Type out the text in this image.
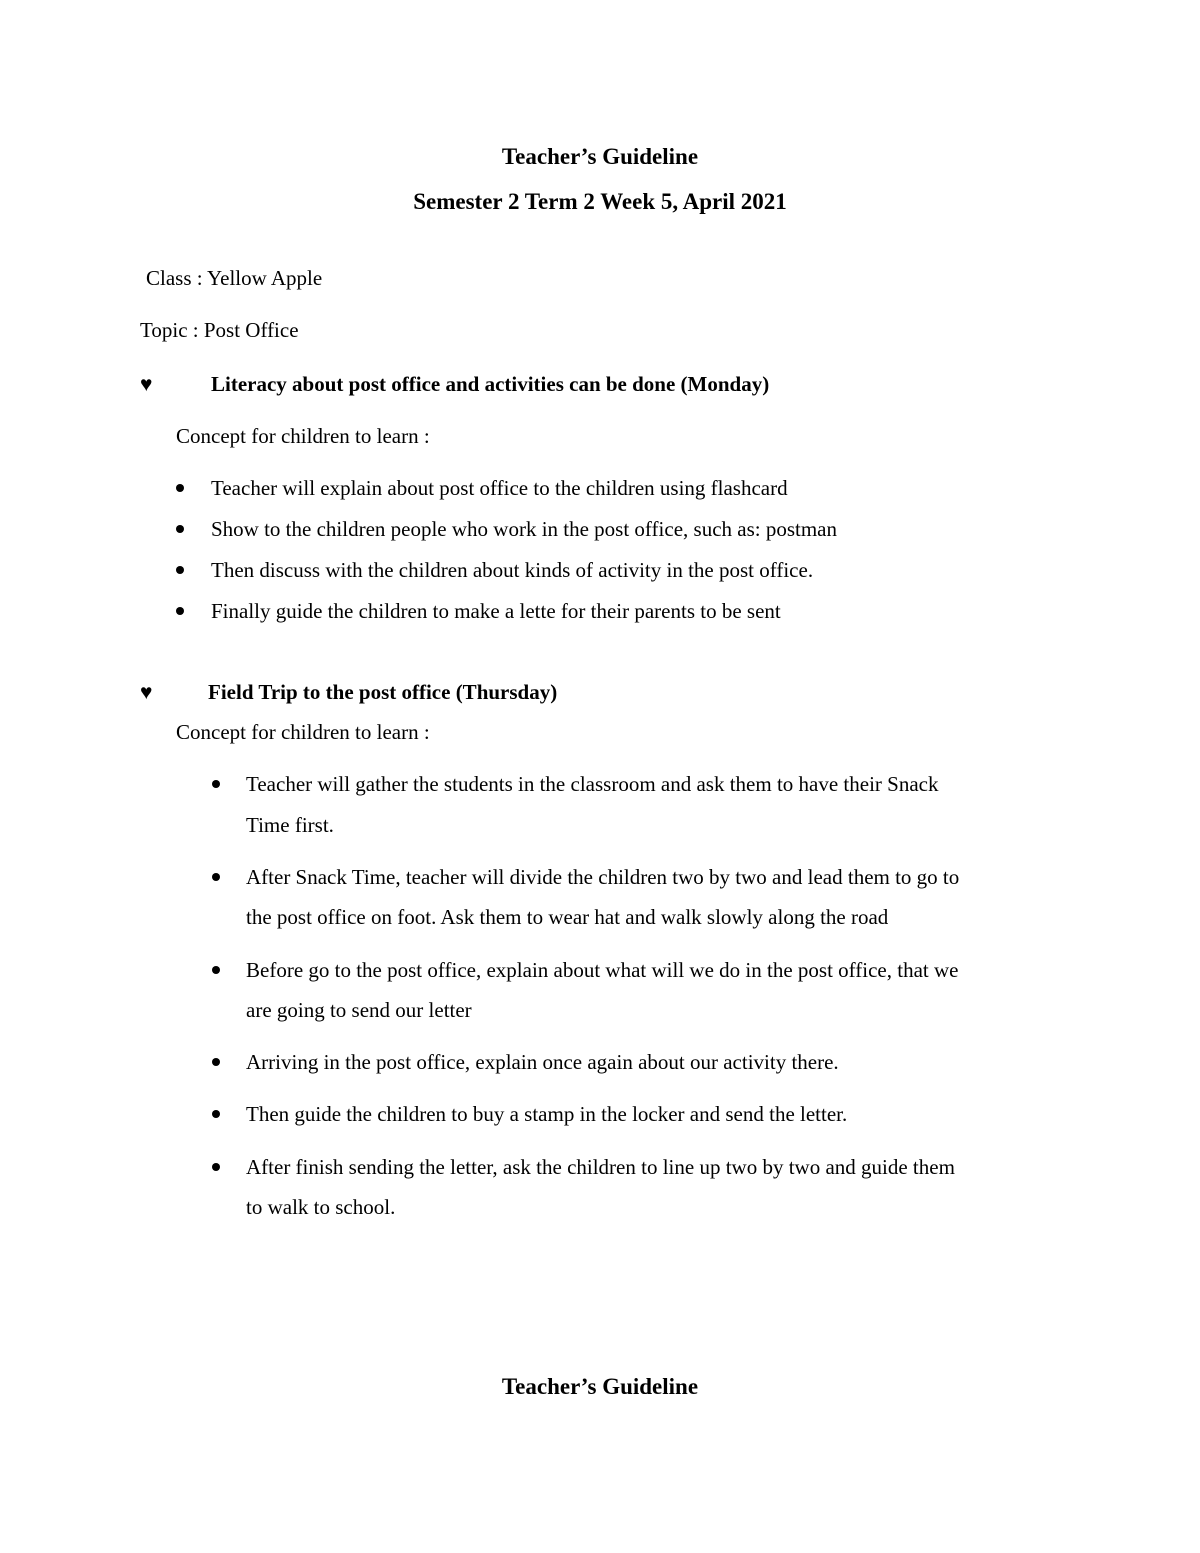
Teacher’s Guideline
Semester 2 Term 2 Week 5, April 2021
Class : Yellow Apple
Topic : Post Office
♥	Literacy about post office and activities can be done (Monday)
Concept for children to learn :
Teacher will explain about post office to the children using flashcard
Show to the children people who work in the post office, such as: postman
Then discuss with the children about kinds of activity in the post office.
Finally guide the children to make a lette for their parents to be sent
♥	Field Trip to the post office (Thursday)
Concept for children to learn :
Teacher will gather the students in the classroom and ask them to have their Snack
Time first.
After Snack Time, teacher will divide the children two by two and lead them to go to
the post office on foot. Ask them to wear hat and walk slowly along the road
Before go to the post office, explain about what will we do in the post office, that we
are going to send our letter
Arriving in the post office, explain once again about our activity there.
Then guide the children to buy a stamp in the locker and send the letter.
After finish sending the letter, ask the children to line up two by two and guide them
to walk to school.
Teacher’s Guideline
